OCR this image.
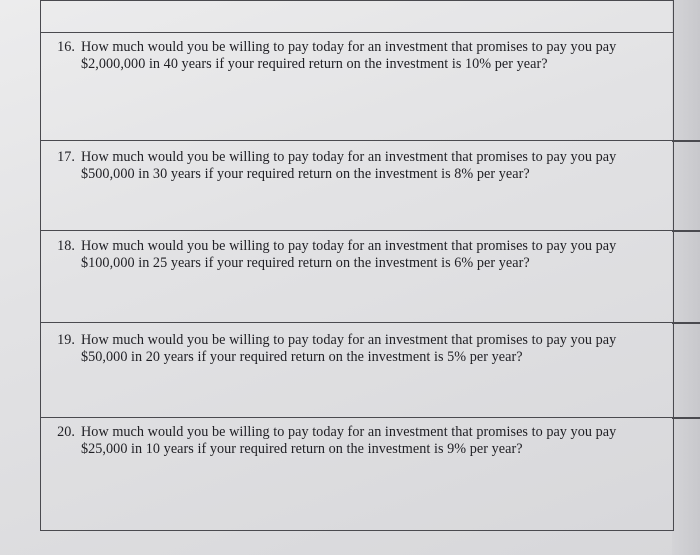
16. How much would you be willing to pay today for an investment that promises to pay you pay $2,000,000 in 40 years if your required return on the investment is 10% per year?
17. How much would you be willing to pay today for an investment that promises to pay you pay $500,000 in 30 years if your required return on the investment is 8% per year?
18. How much would you be willing to pay today for an investment that promises to pay you pay $100,000 in 25 years if your required return on the investment is 6% per year?
19. How much would you be willing to pay today for an investment that promises to pay you pay $50,000 in 20 years if your required return on the investment is 5% per year?
20. How much would you be willing to pay today for an investment that promises to pay you pay $25,000 in 10 years if your required return on the investment is 9% per year?
